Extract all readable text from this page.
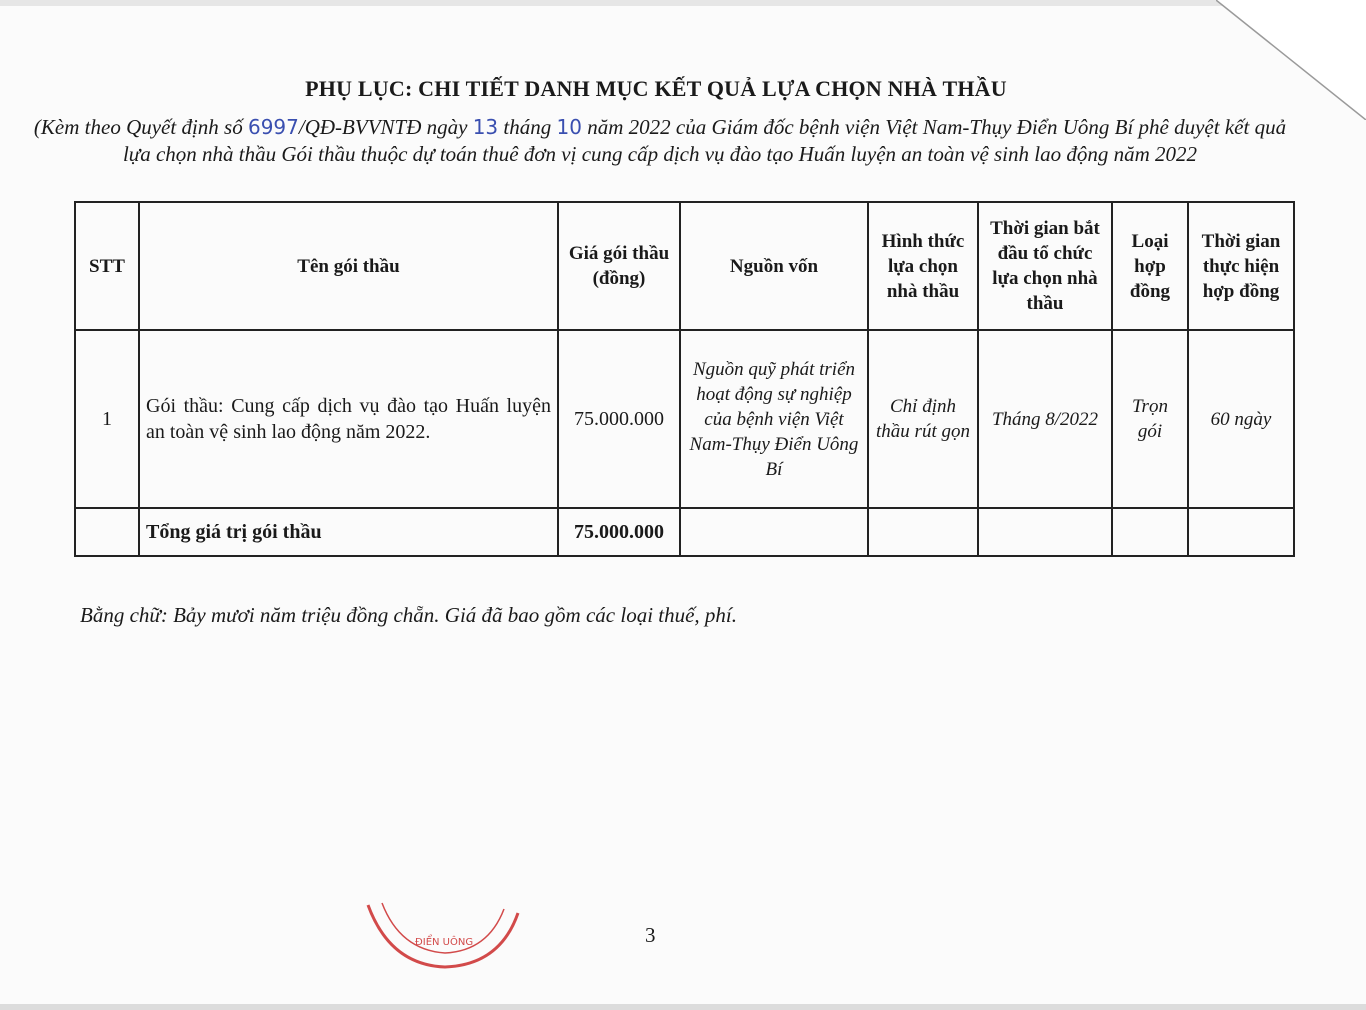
PHỤ LỤC: CHI TIẾT DANH MỤC KẾT QUẢ LỰA CHỌN NHÀ THẦU
(Kèm theo Quyết định số 6997/QĐ-BVVNTĐ ngày 13 tháng 10 năm 2022 của Giám đốc bệnh viện Việt Nam-Thụy Điển Uông Bí phê duyệt kết quả lựa chọn nhà thầu Gói thầu thuộc dự toán thuê đơn vị cung cấp dịch vụ đào tạo Huấn luyện an toàn vệ sinh lao động năm 2022
STT	Tên gói thầu	Giá gói thầu (đồng)	Nguồn vốn	Hình thức lựa chọn nhà thầu	Thời gian bắt đầu tổ chức lựa chọn nhà thầu	Loại hợp đồng	Thời gian thực hiện hợp đồng
1	Gói thầu: Cung cấp dịch vụ đào tạo Huấn luyện an toàn vệ sinh lao động năm 2022.	75.000.000	Nguồn quỹ phát triển hoạt động sự nghiệp của bệnh viện Việt Nam-Thụy Điển Uông Bí	Chỉ định thầu rút gọn	Tháng 8/2022	Trọn gói	60 ngày
	Tổng giá trị gói thầu	75.000.000					
Bằng chữ: Bảy mươi năm triệu đồng chẵn. Giá đã bao gồm các loại thuế, phí.
ĐIỂN UÔNG	3
